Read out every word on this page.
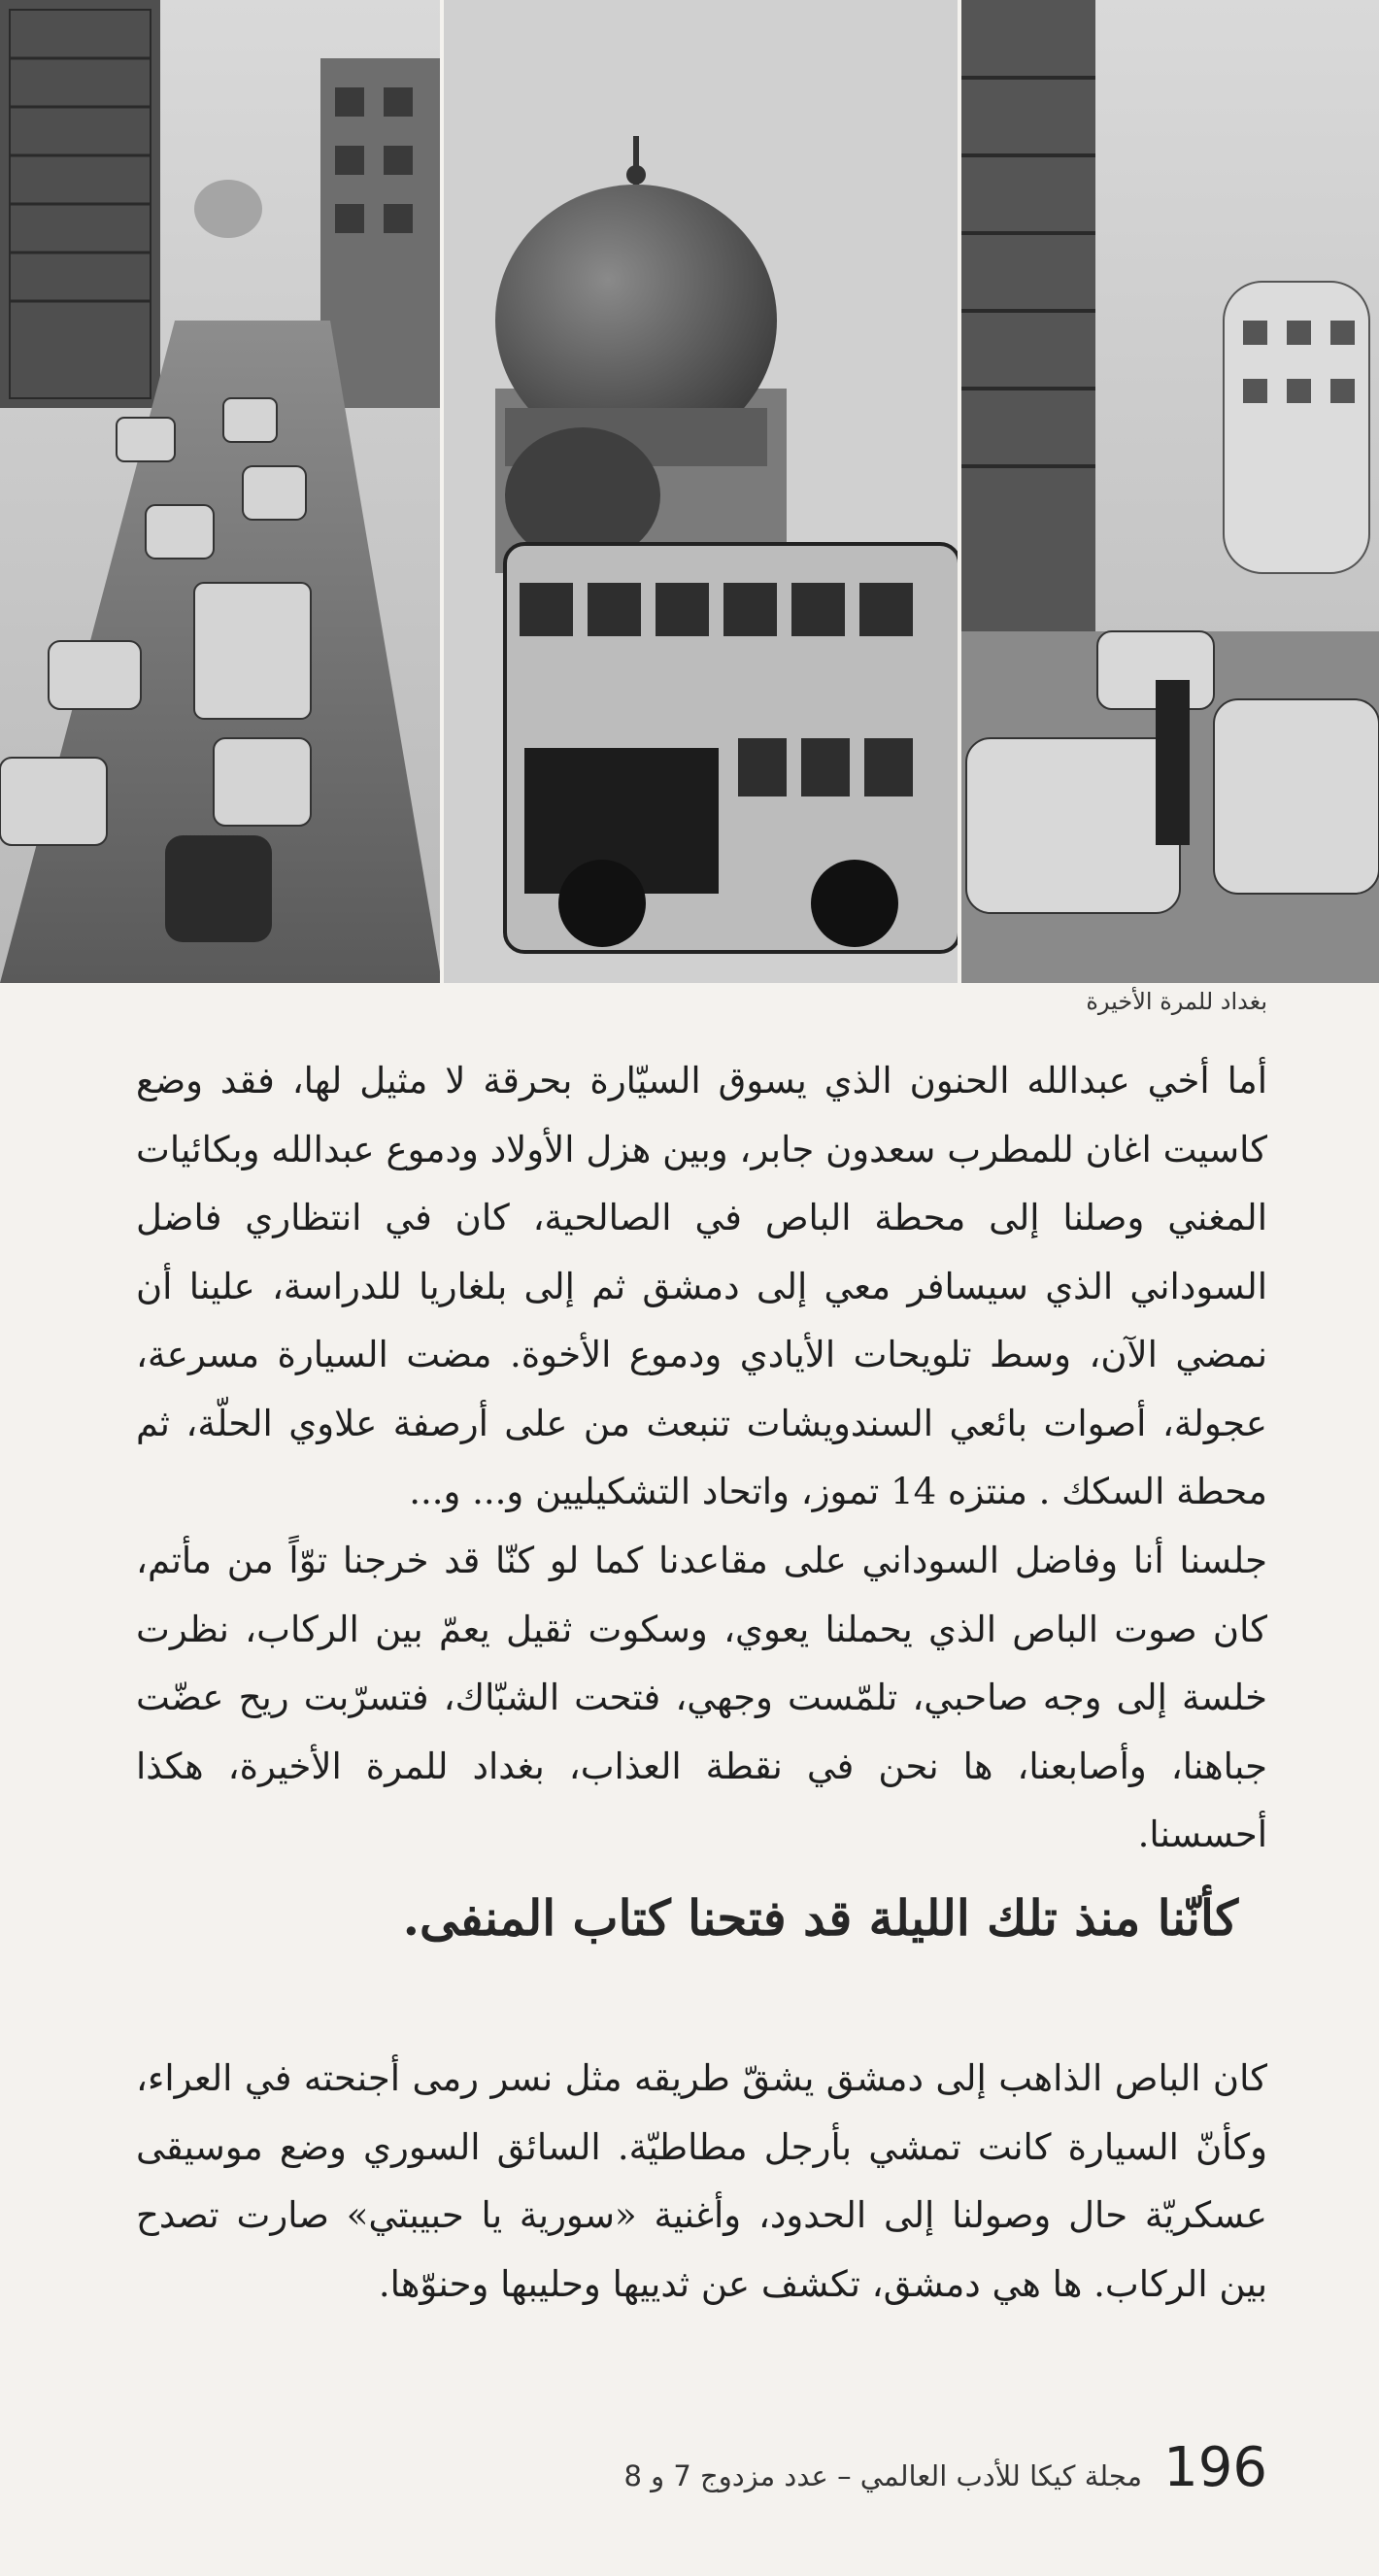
بغداد للمرة الأخيرة

أما أخي عبدالله الحنون الذي يسوق السيّارة بحرقة لا مثيل لها، فقد وضع كاسيت اغان للمطرب سعدون جابر، وبين هزل الأولاد ودموع عبدالله وبكائيات المغني وصلنا إلى محطة الباص في الصالحية، كان في انتظاري فاضل السوداني الذي سيسافر معي إلى دمشق ثم إلى بلغاريا للدراسة، علينا أن نمضي الآن، وسط تلويحات الأيادي ودموع الأخوة. مضت السيارة مسرعة، عجولة، أصوات بائعي السندويشات تنبعث من على أرصفة علاوي الحلّة، ثم محطة السكك . منتزه 14 تموز، واتحاد التشكيليين و... و...

جلسنا أنا وفاضل السوداني على مقاعدنا كما لو كنّا قد خرجنا توّاً من مأتم، كان صوت الباص الذي يحملنا يعوي، وسكوت ثقيل يعمّ بين الركاب، نظرت خلسة إلى وجه صاحبي، تلمّست وجهي، فتحت الشبّاك، فتسرّبت ريح عضّت جباهنا، وأصابعنا، ها نحن في نقطة العذاب، بغداد للمرة الأخيرة، هكذا أحسسنا.

كأنّنا منذ تلك الليلة قد فتحنا كتاب المنفى.

كان الباص الذاهب إلى دمشق يشقّ طريقه مثل نسر رمى أجنحته في العراء، وكأنّ السيارة كانت تمشي بأرجل مطاطيّة. السائق السوري وضع موسيقى عسكريّة حال وصولنا إلى الحدود، وأغنية «سورية يا حبيبتي» صارت تصدح بين الركاب. ها هي دمشق، تكشف عن ثدييها وحليبها وحنوّها.

196
مجلة كيكا للأدب العالمي – عدد مزدوج 7 و 8
